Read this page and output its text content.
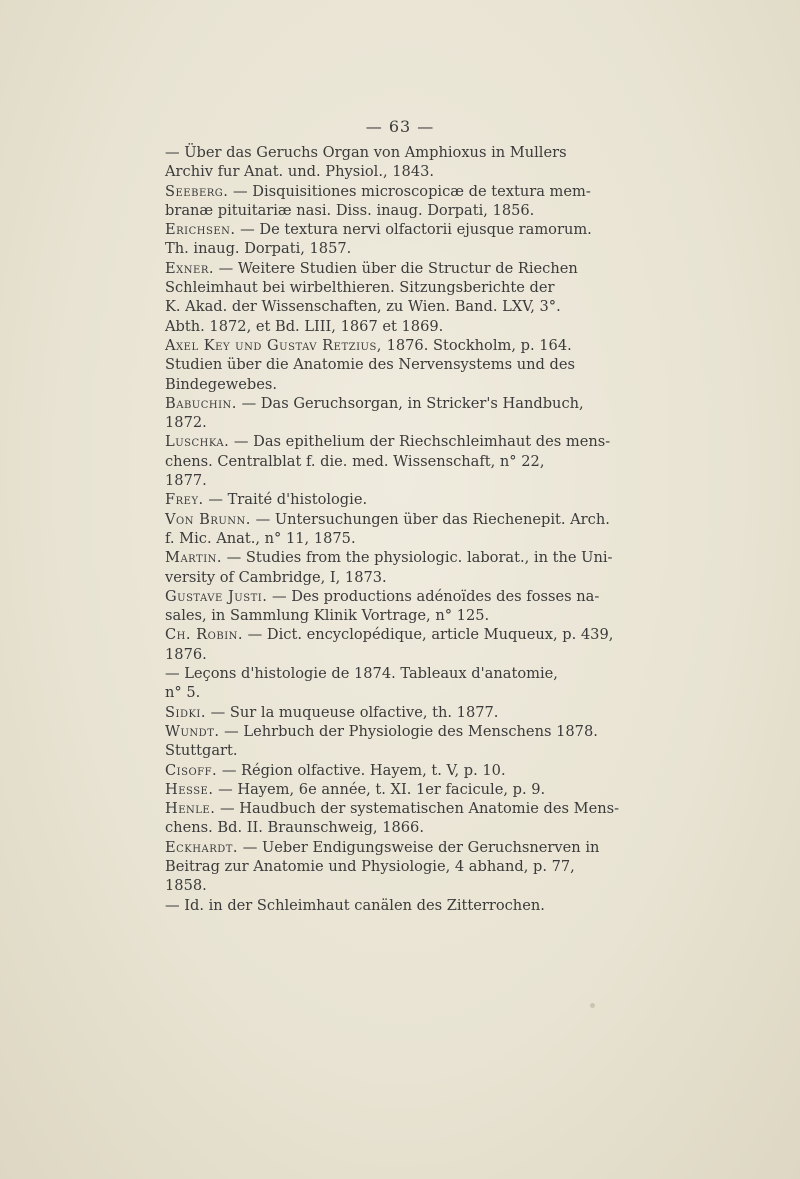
— 63 —

— Über das Geruchs Organ von Amphioxus in Mullers
Archiv fur Anat. und. Physiol., 1843.

Seeberg. — Disquisitiones microscopicæ de textura mem-
branæ pituitariæ nasi. Diss. inaug. Dorpati, 1856.

Erichsen. — De textura nervi olfactorii ejusque ramorum.
Th. inaug. Dorpati, 1857.

Exner. — Weitere Studien über die Structur de Riechen
Schleimhaut bei wirbelthieren. Sitzungsberichte der
K. Akad. der Wissenschaften, zu Wien. Band. LXV, 3°.
Abth. 1872, et Bd. LIII, 1867 et 1869.

Axel Key und Gustav Retzius, 1876. Stockholm, p. 164.
Studien über die Anatomie des Nervensystems und des
Bindegewebes.

Babuchin. — Das Geruchsorgan, in Stricker's Handbuch,
1872.

Luschka. — Das epithelium der Riechschleimhaut des mens-
chens. Centralblat f. die. med. Wissenschaft, n° 22,
1877.

Frey. — Traité d'histologie.

Von Brunn. — Untersuchungen über das Riechenepit. Arch.
f. Mic. Anat., n° 11, 1875.

Martin. — Studies from the physiologic. laborat., in the Uni-
versity of Cambridge, I, 1873.

Gustave Justi. — Des productions adénoïdes des fosses na-
sales, in Sammlung Klinik Vortrage, n° 125.

Ch. Robin. — Dict. encyclopédique, article Muqueux, p. 439,
1876.

— Leçons d'histologie de 1874. Tableaux d'anatomie,
n° 5.

Sidki. — Sur la muqueuse olfactive, th. 1877.

Wundt. — Lehrbuch der Physiologie des Menschens 1878.
Stuttgart.

Cisoff. — Région olfactive. Hayem, t. V, p. 10.

Hesse. — Hayem, 6e année, t. XI. 1er facicule, p. 9.

Henle. — Haudbuch der systematischen Anatomie des Mens-
chens. Bd. II. Braunschweig, 1866.

Eckhardt. — Ueber Endigungsweise der Geruchsnerven in
Beitrag zur Anatomie und Physiologie, 4 abhand, p. 77,
1858.

— Id. in der Schleimhaut canälen des Zitterrochen.
